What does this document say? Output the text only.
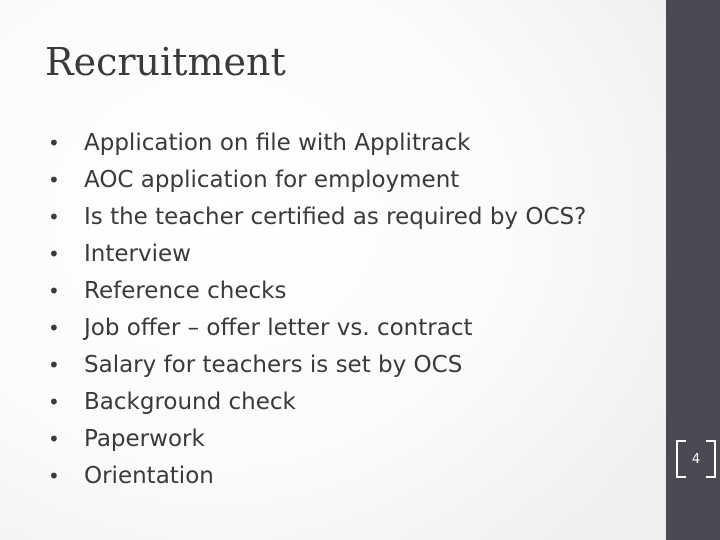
Recruitment
•	Application on file with Applitrack
•	AOC application for employment
•	Is the teacher certified as required by OCS?
•	Interview
•	Reference checks
•	Job offer – offer letter vs. contract
•	Salary for teachers is set by OCS
•	Background check
•	Paperwork
•	Orientation
4
